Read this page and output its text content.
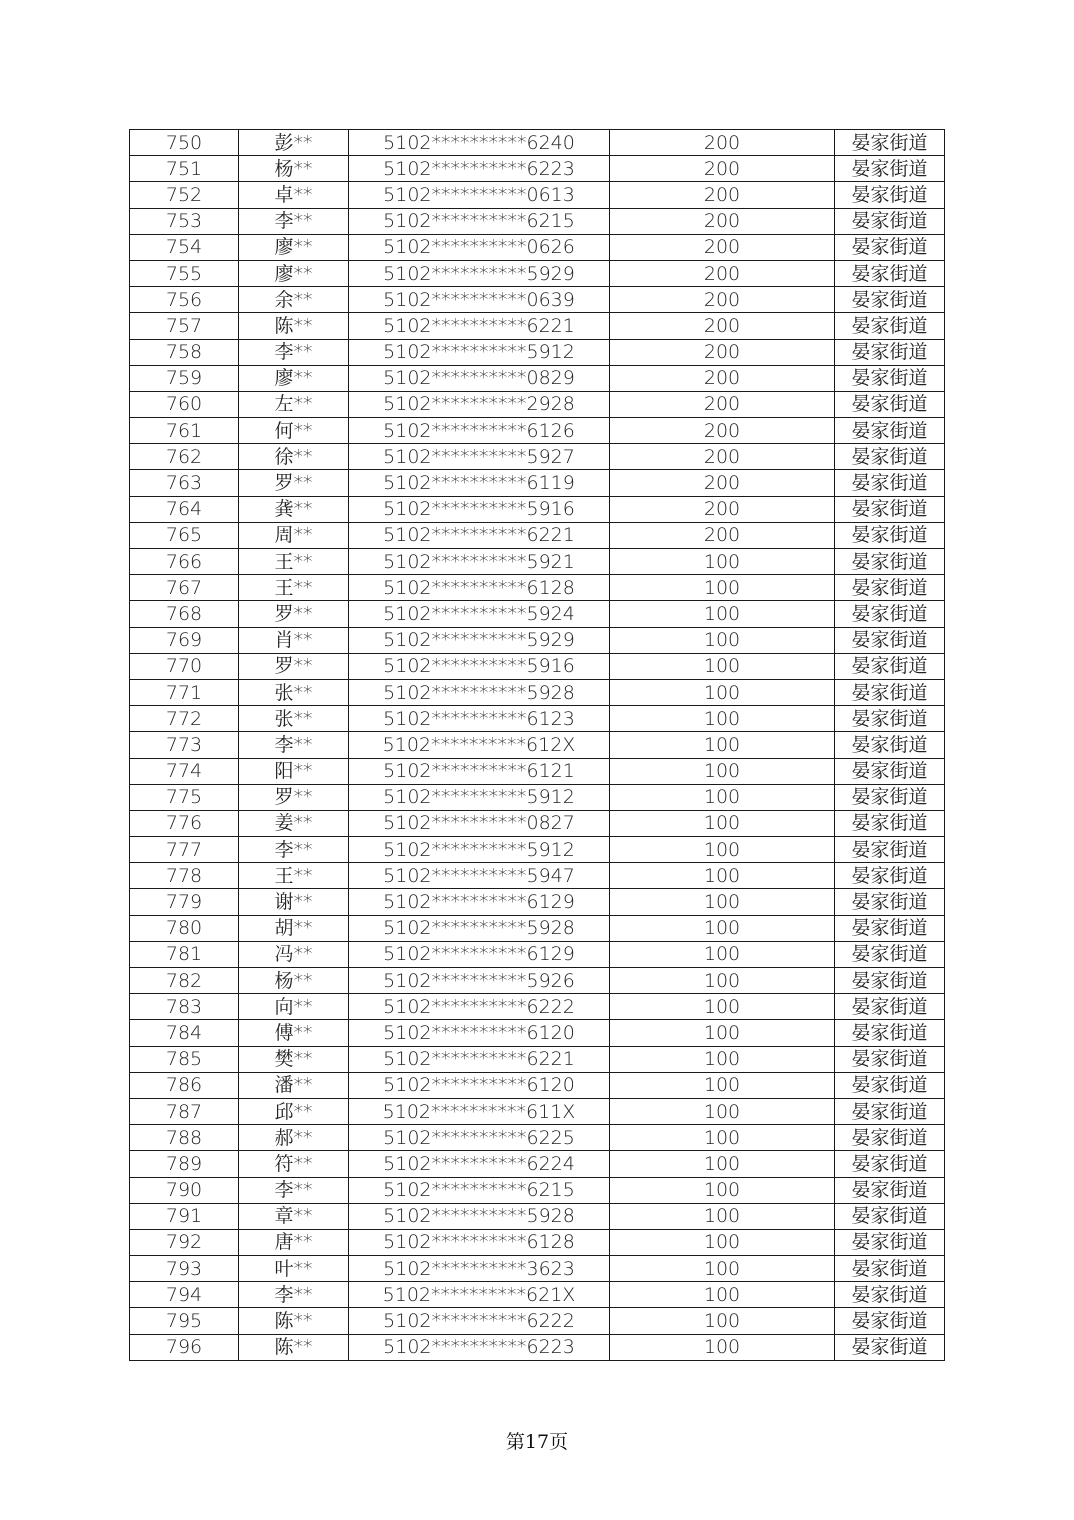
750	彭**	5102**********6240	200	晏家街道
751	杨**	5102**********6223	200	晏家街道
752	卓**	5102**********0613	200	晏家街道
753	李**	5102**********6215	200	晏家街道
754	廖**	5102**********0626	200	晏家街道
755	廖**	5102**********5929	200	晏家街道
756	余**	5102**********0639	200	晏家街道
757	陈**	5102**********6221	200	晏家街道
758	李**	5102**********5912	200	晏家街道
759	廖**	5102**********0829	200	晏家街道
760	左**	5102**********2928	200	晏家街道
761	何**	5102**********6126	200	晏家街道
762	徐**	5102**********5927	200	晏家街道
763	罗**	5102**********6119	200	晏家街道
764	龚**	5102**********5916	200	晏家街道
765	周**	5102**********6221	200	晏家街道
766	王**	5102**********5921	100	晏家街道
767	王**	5102**********6128	100	晏家街道
768	罗**	5102**********5924	100	晏家街道
769	肖**	5102**********5929	100	晏家街道
770	罗**	5102**********5916	100	晏家街道
771	张**	5102**********5928	100	晏家街道
772	张**	5102**********6123	100	晏家街道
773	李**	5102**********612X	100	晏家街道
774	阳**	5102**********6121	100	晏家街道
775	罗**	5102**********5912	100	晏家街道
776	姜**	5102**********0827	100	晏家街道
777	李**	5102**********5912	100	晏家街道
778	王**	5102**********5947	100	晏家街道
779	谢**	5102**********6129	100	晏家街道
780	胡**	5102**********5928	100	晏家街道
781	冯**	5102**********6129	100	晏家街道
782	杨**	5102**********5926	100	晏家街道
783	向**	5102**********6222	100	晏家街道
784	傅**	5102**********6120	100	晏家街道
785	樊**	5102**********6221	100	晏家街道
786	潘**	5102**********6120	100	晏家街道
787	邱**	5102**********611X	100	晏家街道
788	郝**	5102**********6225	100	晏家街道
789	符**	5102**********6224	100	晏家街道
790	李**	5102**********6215	100	晏家街道
791	章**	5102**********5928	100	晏家街道
792	唐**	5102**********6128	100	晏家街道
793	叶**	5102**********3623	100	晏家街道
794	李**	5102**********621X	100	晏家街道
795	陈**	5102**********6222	100	晏家街道
796	陈**	5102**********6223	100	晏家街道
第17页
